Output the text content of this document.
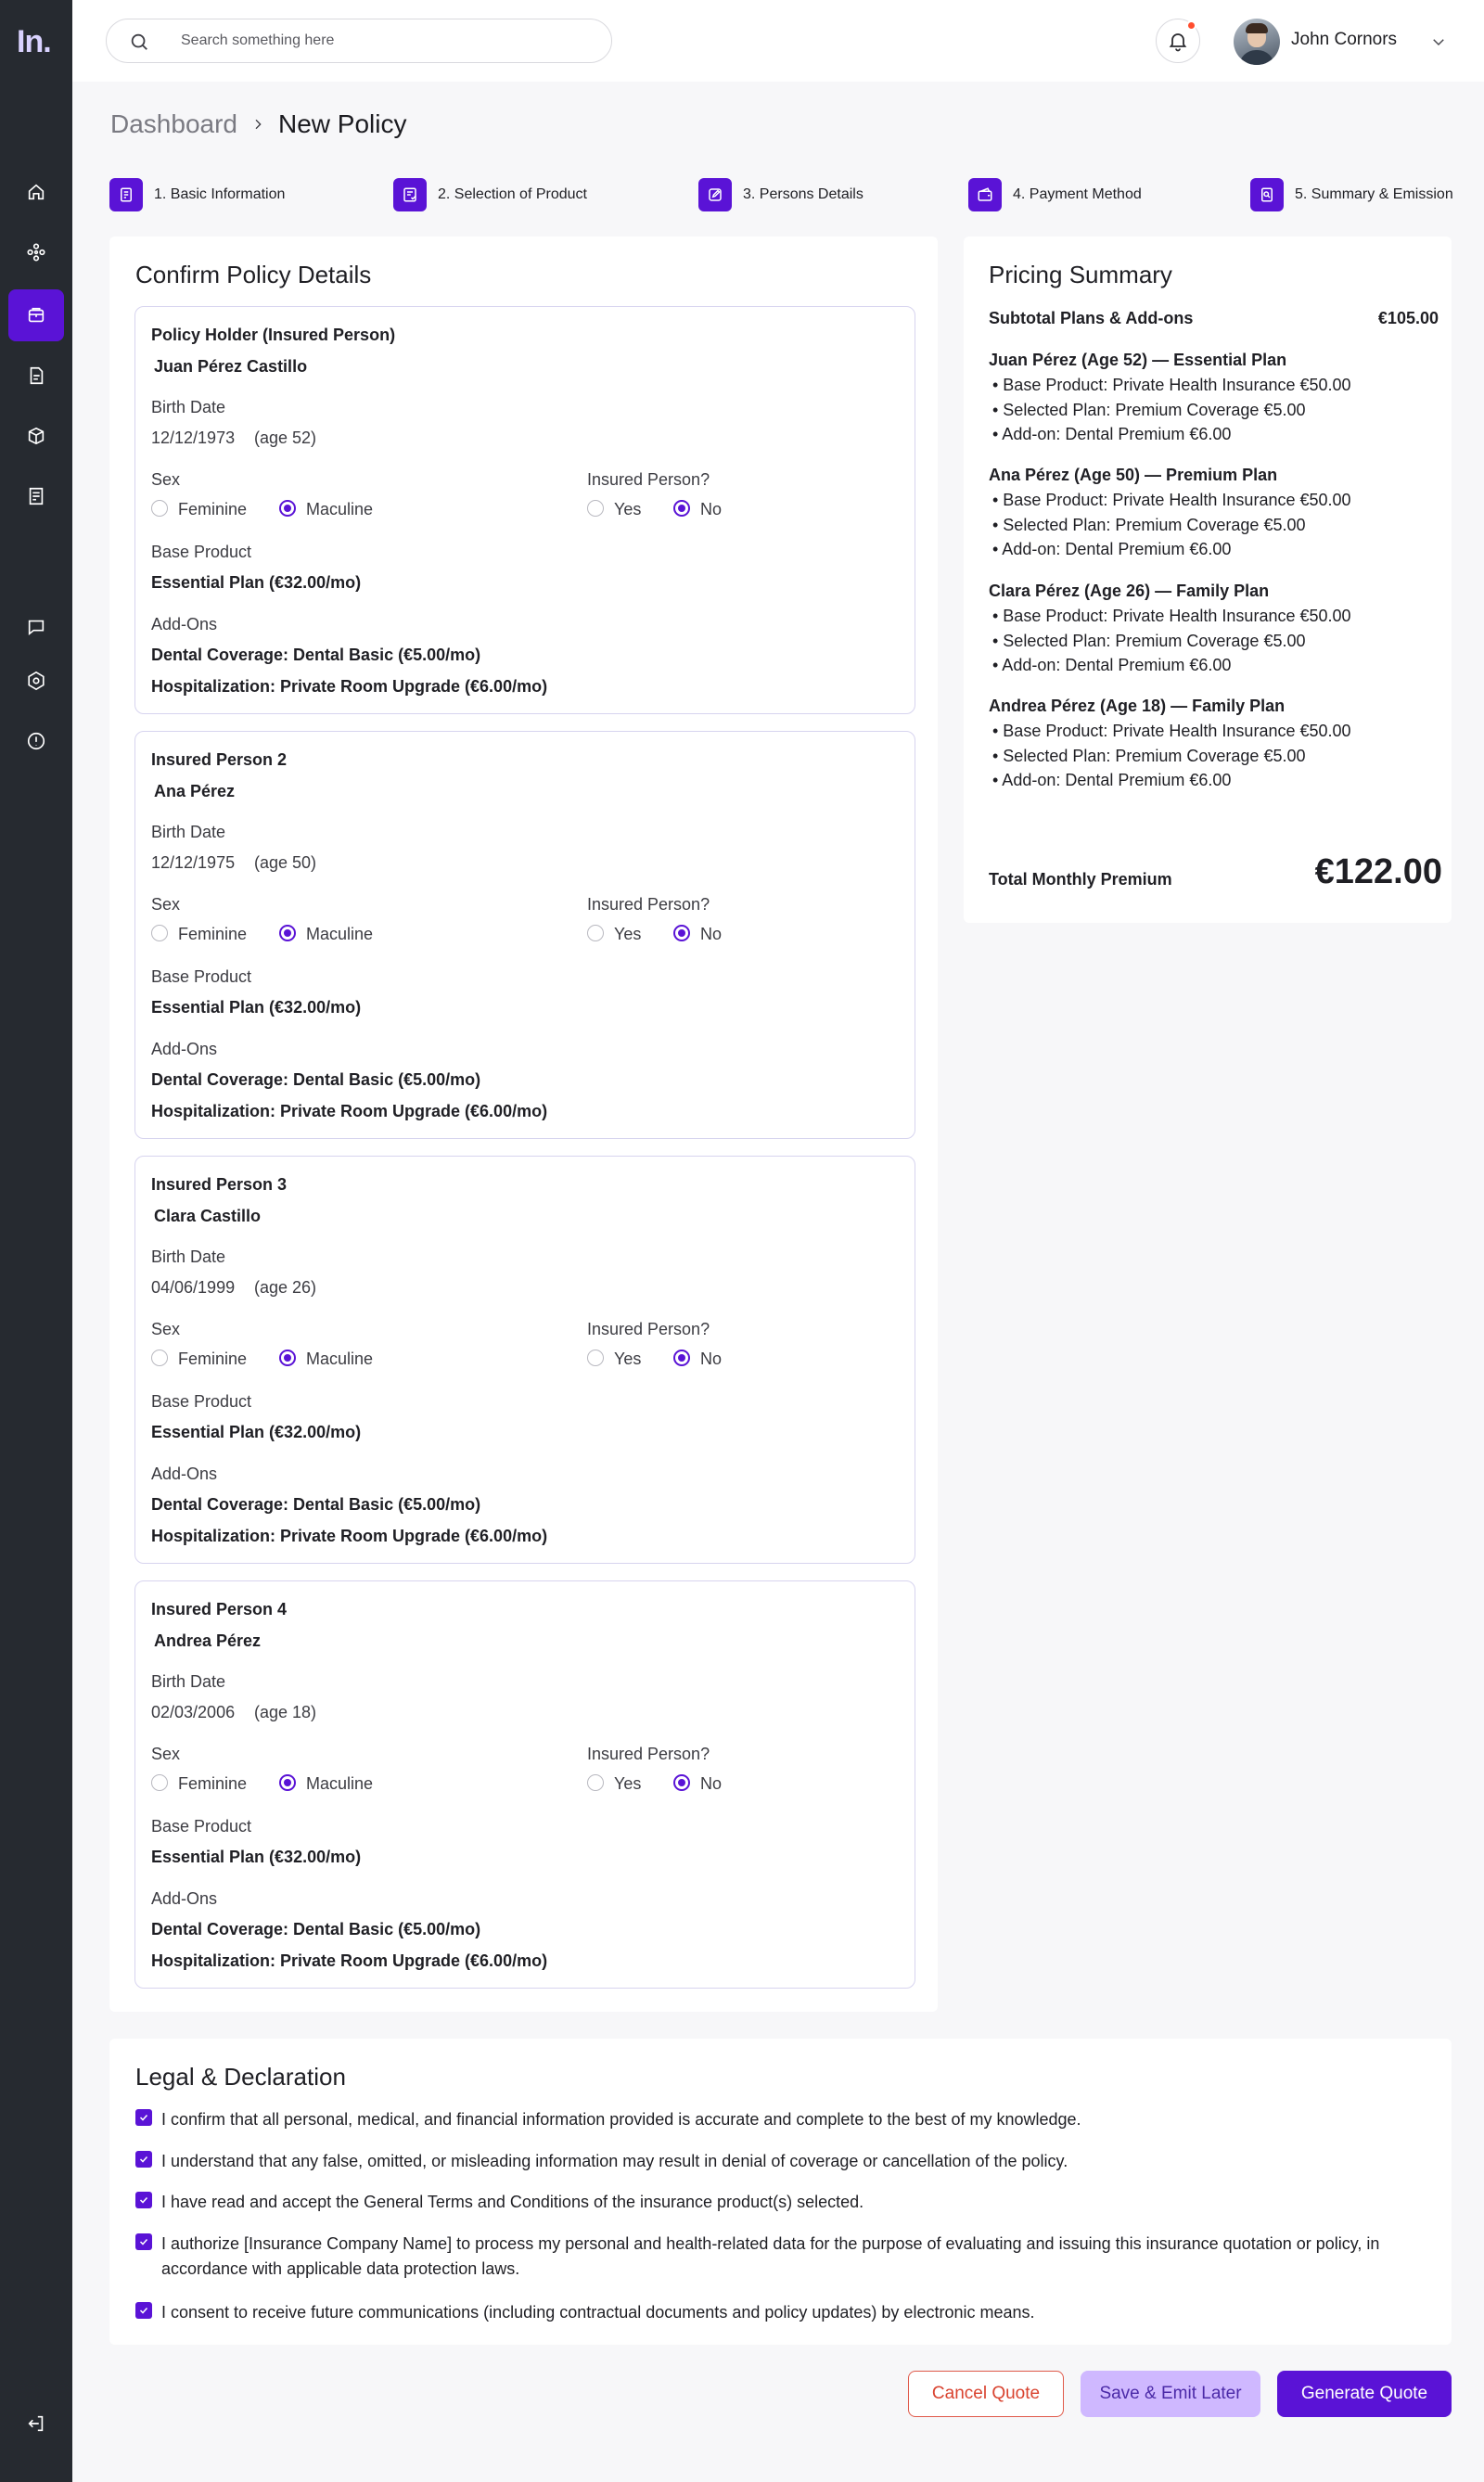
In.
Search something here	John Cornors
Dashboard New Policy
1. Basic Information	2. Selection of Product	3. Persons Details	4. Payment Method	5. Summary & Emission
Confirm Policy Details
Policy Holder (Insured Person)
Juan Pérez Castillo
Birth Date
12/12/1973 (age 52)
Sex
Feminine	Maculine
Insured Person?
Yes	No
Base Product
Essential Plan (€32.00/mo)
Add-Ons
Dental Coverage: Dental Basic (€5.00/mo)
Hospitalization: Private Room Upgrade (€6.00/mo)
Insured Person 2
Ana Pérez
Birth Date
12/12/1975 (age 50)
Sex
Feminine	Maculine
Insured Person?
Yes	No
Base Product
Essential Plan (€32.00/mo)
Add-Ons
Dental Coverage: Dental Basic (€5.00/mo)
Hospitalization: Private Room Upgrade (€6.00/mo)
Insured Person 3
Clara Castillo
Birth Date
04/06/1999 (age 26)
Sex
Feminine	Maculine
Insured Person?
Yes	No
Base Product
Essential Plan (€32.00/mo)
Add-Ons
Dental Coverage: Dental Basic (€5.00/mo)
Hospitalization: Private Room Upgrade (€6.00/mo)
Insured Person 4
Andrea Pérez
Birth Date
02/03/2006 (age 18)
Sex
Feminine	Maculine
Insured Person?
Yes	No
Base Product
Essential Plan (€32.00/mo)
Add-Ons
Dental Coverage: Dental Basic (€5.00/mo)
Hospitalization: Private Room Upgrade (€6.00/mo)
Pricing Summary
Subtotal Plans & Add-ons	€105.00
Juan Pérez (Age 52) — Essential Plan
• Base Product: Private Health Insurance €50.00
• Selected Plan: Premium Coverage €5.00
• Add-on: Dental Premium €6.00
Ana Pérez (Age 50) — Premium Plan
• Base Product: Private Health Insurance €50.00
• Selected Plan: Premium Coverage €5.00
• Add-on: Dental Premium €6.00
Clara Pérez (Age 26) — Family Plan
• Base Product: Private Health Insurance €50.00
• Selected Plan: Premium Coverage €5.00
• Add-on: Dental Premium €6.00
Andrea Pérez (Age 18) — Family Plan
• Base Product: Private Health Insurance €50.00
• Selected Plan: Premium Coverage €5.00
• Add-on: Dental Premium €6.00
Total Monthly Premium	€122.00
Legal & Declaration
I confirm that all personal, medical, and financial information provided is accurate and complete to the best of my knowledge.
I understand that any false, omitted, or misleading information may result in denial of coverage or cancellation of the policy.
I have read and accept the General Terms and Conditions of the insurance product(s) selected.
I authorize [Insurance Company Name] to process my personal and health-related data for the purpose of evaluating and issuing this insurance quotation or policy, in accordance with applicable data protection laws.
I consent to receive future communications (including contractual documents and policy updates) by electronic means.
Cancel Quote	Save & Emit Later	Generate Quote
